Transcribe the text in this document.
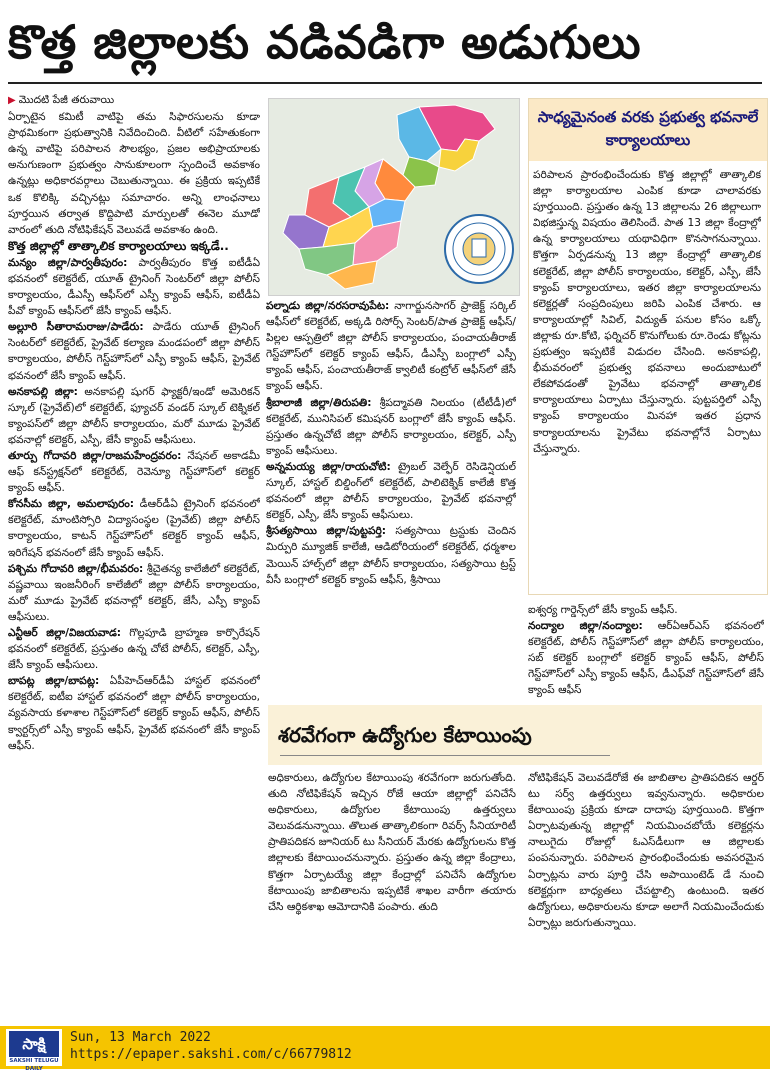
కొత్త జిల్లాలకు వడివడిగా అడుగులు

▶ మొదటి పేజీ తరువాయి

ఏర్పాటైన కమిటీ వాటిపై తమ సిఫారసులను కూడా ప్రాథమికంగా ప్రభుత్వానికి నివేదించింది. వీటిలో సహేతుకంగా ఉన్న వాటిపై పరిపాలన సౌలభ్యం, ప్రజల అభిప్రాయాలకు అనుగుణంగా ప్రభుత్వం సానుకూలంగా స్పందించే అవకాశం ఉన్నట్లు అధికారవర్గాలు చెబుతున్నాయి. ఈ ప్రక్రియ ఇప్పటికే ఒక కొలిక్కి వచ్చినట్లు సమాచారం. అన్ని లాంఛనాలు పూర్తయిన తర్వాత కొద్దిపాటి మార్పులతో ఈనెల మూడో వారంలో తుది నోటిఫికేషన్ వెలువడే అవకాశం ఉంది.

కొత్త జిల్లాల్లో తాత్కాలిక కార్యాలయాలు ఇక్కడే..

మన్యం జిల్లా/పార్వతీపురం: పార్వతీపురం కొత్త ఐటీడీఏ భవనంలో కలెక్టరేట్, యూత్ ట్రైనింగ్ సెంటర్‌లో జిల్లా పోలీస్ కార్యాలయం, డీఎస్పీ ఆఫీస్‌లో ఎస్పీ క్యాంప్ ఆఫీస్, ఐటీడీఏ పీవో క్యాంప్ ఆఫీస్‌లో జేసీ క్యాంప్ ఆఫీస్.

అల్లూరి సీతారామరాజు/పాడేరు: పాడేరు యూత్ ట్రైనింగ్ సెంటర్‌లో కలెక్టరేట్, ప్రైవేట్ కల్యాణ మండపంలో జిల్లా పోలీస్ కార్యాలయం, పోలీస్ గెస్ట్‌హౌస్‌లో ఎస్పీ క్యాంప్ ఆఫీస్, ప్రైవేట్ భవనంలో జేసీ క్యాంప్ ఆఫీస్.

అనకాపల్లి జిల్లా: అనకాపల్లి షుగర్ ఫ్యాక్టరీ/ఇండో అమెరికన్ స్కూల్ (ప్రైవేట్)లో కలెక్టరేట్, ఫ్యూచర్ వండర్ స్కూల్ టెక్నికల్ క్యాంపస్‌లో జిల్లా పోలీస్ కార్యాలయం, మరో మూడు ప్రైవేట్ భవనాల్లో కలెక్టర్, ఎస్పీ, జేసీ క్యాంప్ ఆఫీసులు.

తూర్పు గోదావరి జిల్లా/రాజమహేంద్రవరం: నేషనల్ అకాడమీ ఆఫ్ కన్‌స్ట్రక్షన్‌లో కలెక్టరేట్, రెవెన్యూ గెస్ట్‌హౌస్‌లో కలెక్టర్ క్యాంప్ ఆఫీస్.

కోనసీమ జిల్లా, అమలాపురం: డీఆర్‌డీఏ ట్రైనింగ్ భవనంలో కలెక్టరేట్, మాంటిస్సోరి విద్యాసంస్థల (ప్రైవేట్) జిల్లా పోలీస్ కార్యాలయం, కాటన్ గెస్ట్‌హౌస్‌లో కలెక్టర్ క్యాంప్ ఆఫీస్, ఇరిగేషన్ భవనంలో జేసీ క్యాంప్ ఆఫీస్.

పశ్చిమ గోదావరి జిల్లా/భీమవరం: శ్రీచైతన్య కాలేజీలో కలెక్టరేట్, వష్ణవాయి ఇంజనీరింగ్ కాలేజీలో జిల్లా పోలీస్ కార్యాలయం, మరో మూడు ప్రైవేట్ భవనాల్లో కలెక్టర్, జేసీ, ఎస్పీ క్యాంప్ ఆఫీసులు.

ఎన్టీఆర్ జిల్లా/విజయవాడ: గొల్లపూడి బ్రాహ్మణ కార్పొరేషన్ భవనంలో కలెక్టరేట్, ప్రస్తుతం ఉన్న చోటే పోలీస్, కలెక్టర్, ఎస్పీ, జేసీ క్యాంప్ ఆఫీసులు.

బాపట్ల జిల్లా/బాపట్ల: ఏపీహెచ్ఆర్‌డీఏ హాస్టల్ భవనంలో కలెక్టరేట్, ఐటీఐ హాస్టల్ భవనంలో జిల్లా పోలీస్ కార్యాలయం, వ్యవసాయ కళాశాల గెస్ట్‌హౌస్‌లో కలెక్టర్ క్యాంప్ ఆఫీస్, పోలీస్ క్వార్టర్స్‌లో ఎస్పీ క్యాంప్ ఆఫీస్, ప్రైవేట్ భవనంలో జేసీ క్యాంప్ ఆఫీస్.

పల్నాడు జిల్లా/నరసరావుపేట: నాగార్జునసాగర్ ప్రాజెక్ట్ సర్కిల్ ఆఫీస్‌లో కలెక్టరేట్, అక్కడి రిసోర్స్ సెంటర్/పాత ప్రాజెక్ట్ ఆఫీస్/పిల్లల ఆస్పత్రిలో జిల్లా పోలీస్ కార్యాలయం, పంచాయతీరాజ్ గెస్ట్‌హౌస్‌లో కలెక్టర్ క్యాంప్ ఆఫీస్, డీఎస్పీ బంగ్లాలో ఎస్పీ క్యాంప్ ఆఫీస్, పంచాయతీరాజ్ క్వాలిటీ కంట్రోల్ ఆఫీస్‌లో జేసీ క్యాంప్ ఆఫీస్.

శ్రీబాలాజీ జిల్లా/తిరుపతి: శ్రీపద్మావతి నిలయం (టీటీడీ)లో కలెక్టరేట్, మునిసిపల్ కమిషనర్ బంగ్లాలో జేసీ క్యాంప్ ఆఫీస్. ప్రస్తుతం ఉన్నచోటే జిల్లా పోలీస్ కార్యాలయం, కలెక్టర్, ఎస్పీ క్యాంప్ ఆఫీసులు.

అన్నమయ్య జిల్లా/రాయచోటి: ట్రైబల్ వెల్ఫేర్ రెసిడెన్షియల్ స్కూల్, హాస్టల్ బిల్డింగ్‌లో కలెక్టరేట్, పాలిటెక్నిక్ కాలేజీ కొత్త భవనంలో జిల్లా పోలీస్ కార్యాలయం, ప్రైవేట్ భవనాల్లో కలెక్టర్, ఎస్పీ, జేసీ క్యాంప్ ఆఫీసులు.

శ్రీసత్యసాయి జిల్లా/పుట్టపర్తి: సత్యసాయి ట్రస్టుకు చెందిన మిర్పురి మ్యూజిక్ కాలేజీ, ఆడిటోరియంలో కలెక్టరేట్, ధర్మశాల మెయిన్ హాల్స్‌లో జిల్లా పోలీస్ కార్యాలయం, సత్యసాయి ట్రస్ట్ వీసీ బంగ్లాలో కలెక్టర్ క్యాంప్ ఆఫీస్, శ్రీసాయి

సాధ్యమైనంత వరకు ప్రభుత్వ భవనాలే కార్యాలయాలు
పరిపాలన ప్రారంభించేందుకు కొత్త జిల్లాల్లో తాత్కాలిక జిల్లా కార్యాలయాల ఎంపిక కూడా చాలావరకు పూర్తయింది. ప్రస్తుతం ఉన్న 13 జిల్లాలను 26 జిల్లాలుగా విభజిస్తున్న విషయం తెలిసిందే. పాత 13 జిల్లా కేంద్రాల్లో ఉన్న కార్యాలయాలు యథావిధిగా కొనసాగనున్నాయి. కొత్తగా ఏర్పడనున్న 13 జిల్లా కేంద్రాల్లో తాత్కాలిక కలెక్టరేట్, జిల్లా పోలీస్ కార్యాలయం, కలెక్టర్, ఎస్పీ, జేసీ క్యాంప్ కార్యాలయాలు, ఇతర జిల్లా కార్యాలయాలను కలెక్టర్లతో సంప్రదింపులు జరిపి ఎంపిక చేశారు. ఆ కార్యాలయాల్లో సివిల్, విద్యుత్ పనుల కోసం ఒక్కో జిల్లాకు రూ.కోటి, ఫర్నిచర్ కొనుగోలుకు రూ.రెండు కోట్లను ప్రభుత్వం ఇప్పటికే విడుదల చేసింది. అనకాపల్లి, భీమవరంలో ప్రభుత్వ భవనాలు అందుబాటులో లేకపోవడంతో ప్రైవేటు భవనాల్లో తాత్కాలిక కార్యాలయాలు ఏర్పాటు చేస్తున్నారు. పుట్టపర్తిలో ఎస్పీ క్యాంప్ కార్యాలయం మినహా ఇతర ప్రధాన కార్యాలయాలను ప్రైవేటు భవనాల్లోనే ఏర్పాటు చేస్తున్నారు.

ఐశ్వర్య గార్డెన్స్‌లో జేసీ క్యాంప్ ఆఫీస్.

నంద్యాల జిల్లా/నంద్యాల: ఆర్ఏఆర్ఎస్ భవనంలో కలెక్టరేట్, పోలీస్ గెస్ట్‌హౌస్‌లో జిల్లా పోలీస్ కార్యాలయం, సబ్ కలెక్టర్ బంగ్లాలో కలెక్టర్ క్యాంప్ ఆఫీస్, పోలీస్ గెస్ట్‌హౌస్‌లో ఎస్పీ క్యాంప్ ఆఫీస్, డీఎఫ్‌వో గెస్ట్‌హౌస్‌లో జేసీ క్యాంప్ ఆఫీస్

శరవేగంగా ఉద్యోగుల కేటాయింపు

అధికారులు, ఉద్యోగుల కేటాయింపు శరవేగంగా జరుగుతోంది. తుది నోటిఫికేషన్ ఇచ్చిన రోజే ఆయా జిల్లాల్లో పనిచేసే అధికారులు, ఉద్యోగుల కేటాయింపు ఉత్తర్వులు వెలువడనున్నాయి. తొలుత తాత్కాలికంగా రివర్స్ సీనియారిటీ ప్రాతిపదికన జూనియర్ టు సీనియర్ మేరకు ఉద్యోగులను కొత్త జిల్లాలకు కేటాయించనున్నారు. ప్రస్తుతం ఉన్న జిల్లా కేంద్రాలు, కొత్తగా ఏర్పాటయ్యే జిల్లా కేంద్రాల్లో పనిచేసే ఉద్యోగుల కేటాయింపు జాబితాలను ఇప్పటికే శాఖల వారీగా తయారు చేసి ఆర్థికశాఖ ఆమోదానికి పంపారు. తుది

నోటిఫికేషన్ వెలువడేరోజే ఈ జాబితాల ప్రాతిపదికన ఆర్డర్ టు సర్వ్ ఉత్తర్వులు ఇవ్వనున్నారు. అధికారుల కేటాయింపు ప్రక్రియ కూడా దాదాపు పూర్తయింది. కొత్తగా ఏర్పాటవుతున్న జిల్లాల్లో నియమించబోయే కలెక్టర్లను నాలుగైదు రోజుల్లో ఓఎస్‌డీలుగా ఆ జిల్లాలకు పంపనున్నారు. పరిపాలన ప్రారంభించేందుకు అవసరమైన ఏర్పాట్లను వారు పూర్తి చేసి అపాయింటెడ్ డే నుంచి కలెక్టర్లుగా బాధ్యతలు చేపట్టాల్సి ఉంటుంది. ఇతర ఉద్యోగులు, అధికారులను కూడా అలాగే నియమించేందుకు ఏర్పాట్లు జరుగుతున్నాయి.

సాక్షి
SAKSHI TELUGU DAILY
Sun, 13 March 2022
https://epaper.sakshi.com/c/66779812
